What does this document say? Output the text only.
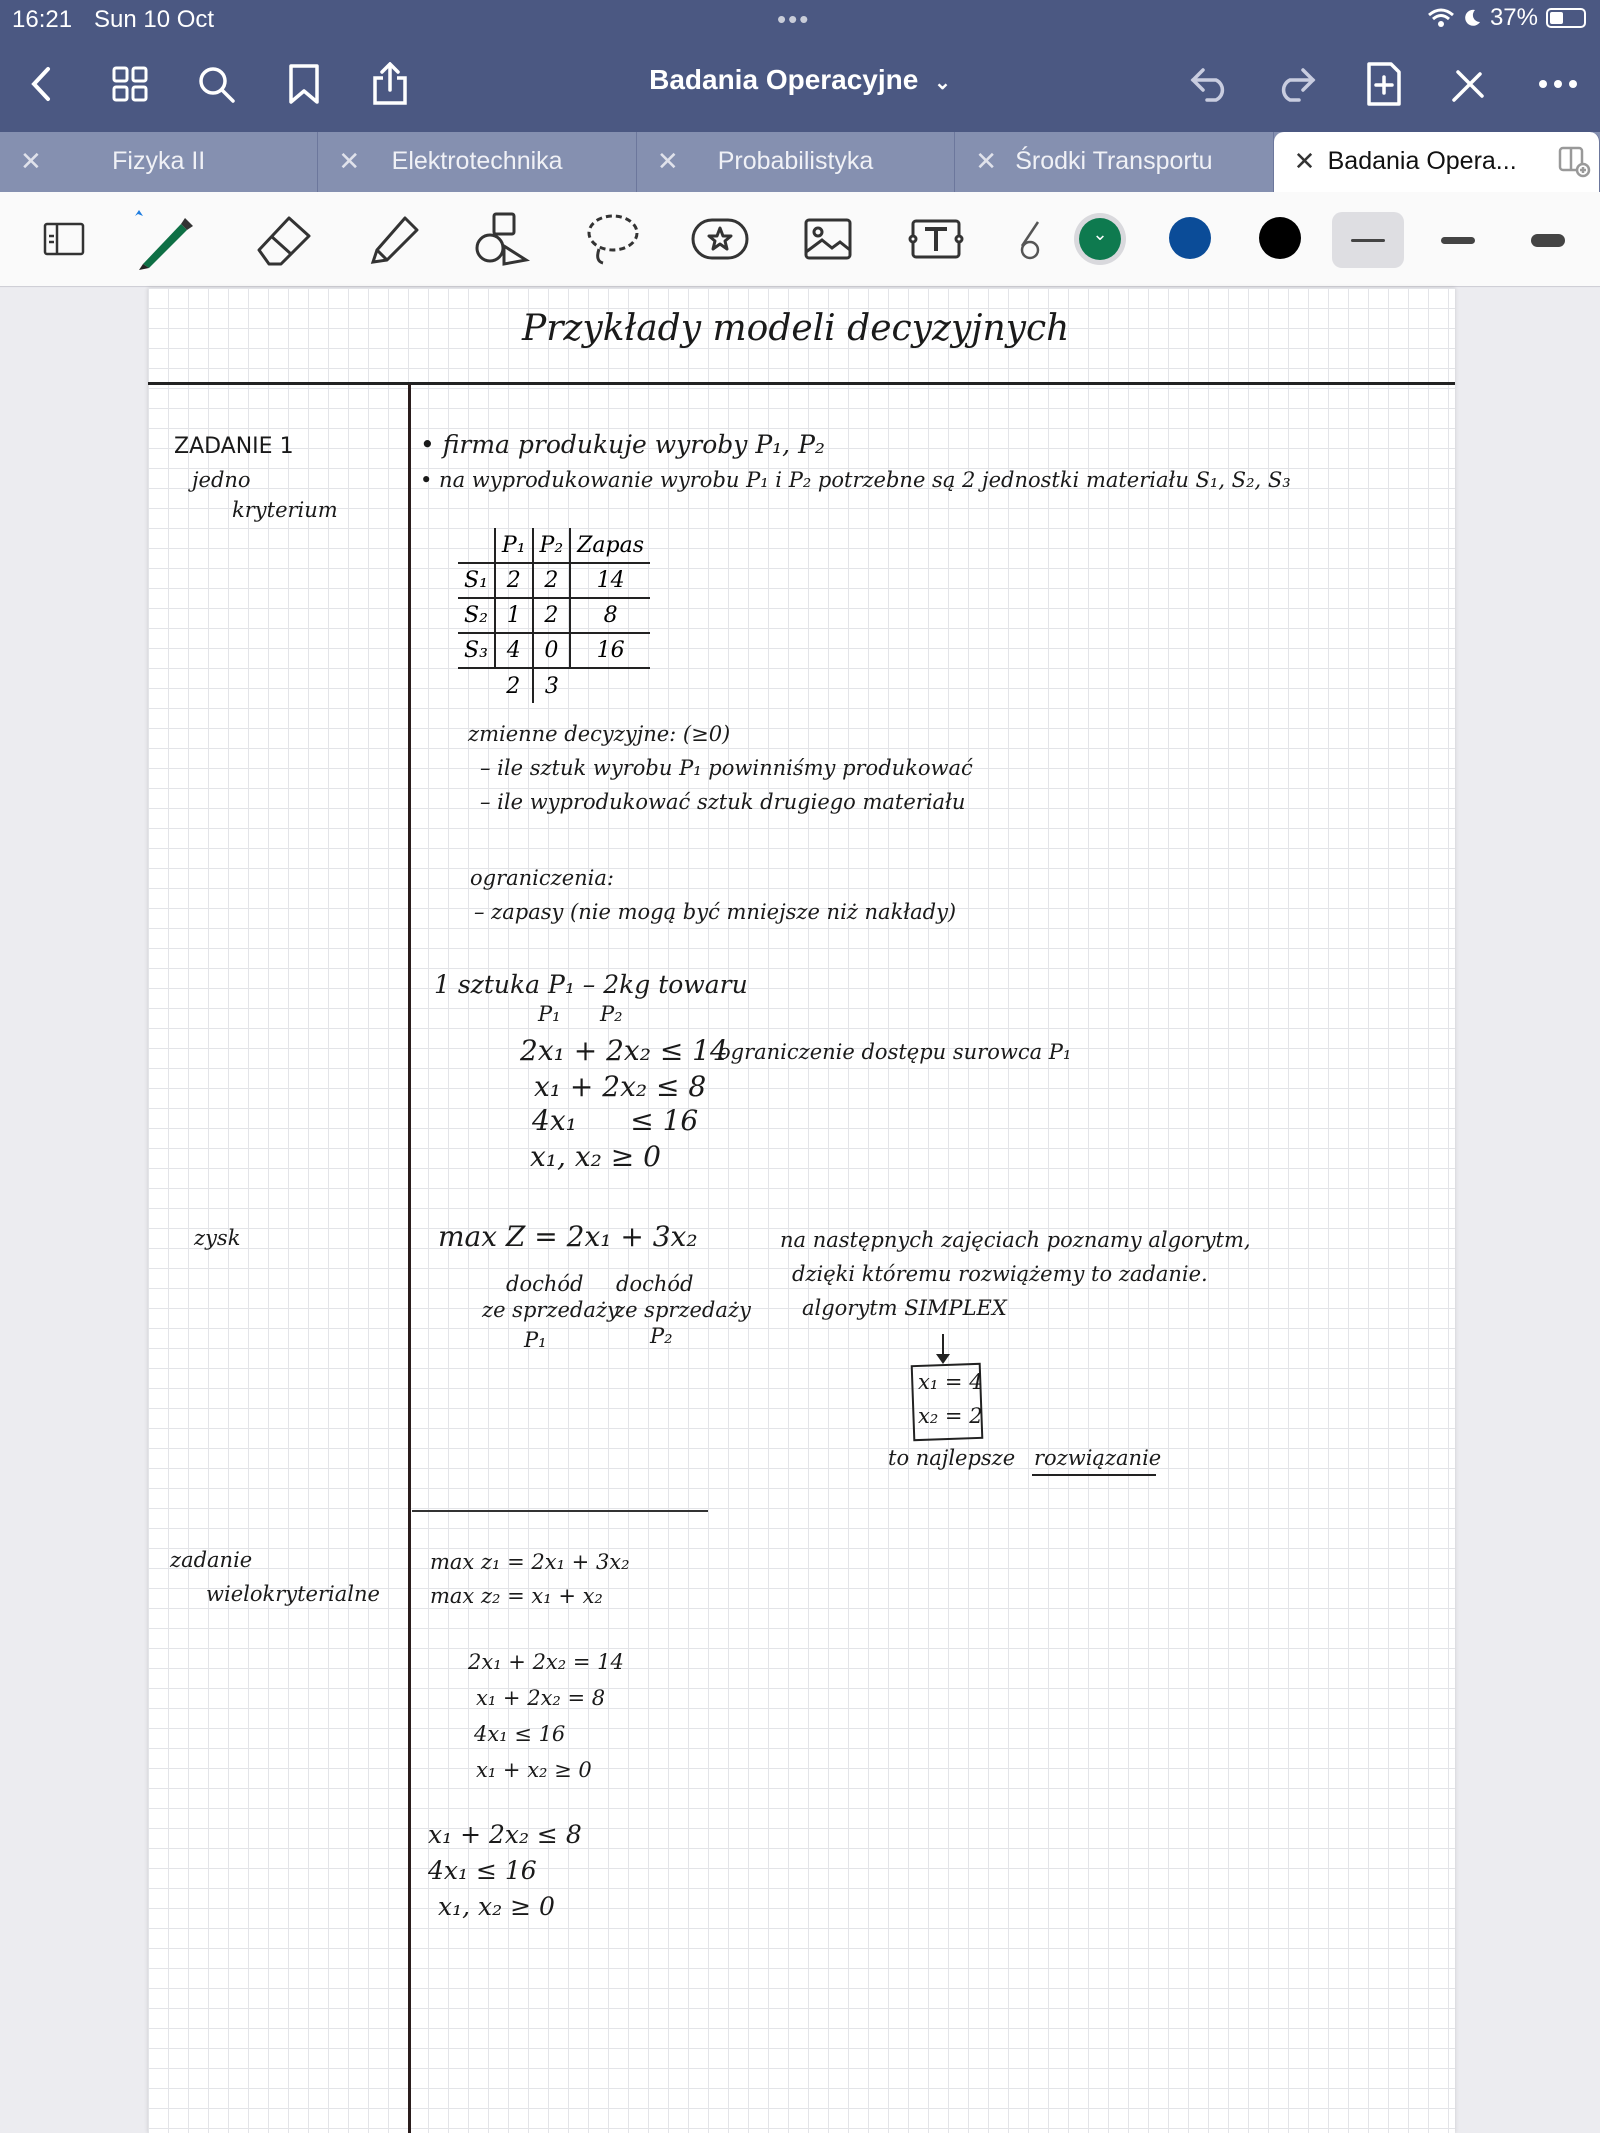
16:21 Sun 10 Oct	•••	37%
Badania Operacyjne ⌄
✕	Fizyka II	✕	Elektrotechnika	✕	Probabilistyka	✕ Środki Transportu	✕ Badania Opera...
⌄
Przykłady modeli decyzyjnych
ZADANIE 1
jedno
kryterium
zysk
zadanie
wielokryterialne
• firma produkuje wyroby P₁, P₂
• na wyprodukowanie wyrobu P₁ i P₂ potrzebne są 2 jednostki materiału S₁, S₂, S₃
	P₁	P₂	Zapas
S₁	2	2	14
S₂	1	2	8
S₃	4	0	16
	2	3	
zmienne decyzyjne: (≥0)
– ile sztuk wyrobu P₁ powinniśmy produkować
– ile wyprodukować sztuk drugiego materiału
ograniczenia:
– zapasy (nie mogą być mniejsze niż nakłady)
1 sztuka P₁ – 2kg towaru
P₁ P₂
2x₁ + 2x₂ ≤ 14
ograniczenie dostępu surowca P₁
x₁ + 2x₂ ≤ 8
4x₁      ≤ 16
x₁, x₂ ≥ 0
max Z = 2x₁ + 3x₂
dochód
ze sprzedaży
P₁
dochód
ze sprzedaży
P₂
na następnych zajęciach poznamy algorytm,
dzięki któremu rozwiążemy to zadanie.
algorytm SIMPLEX
x₁ = 4
x₂ = 2
to najlepsze rozwiązanie
max z₁ = 2x₁ + 3x₂
max z₂ = x₁ + x₂
2x₁ + 2x₂ = 14
x₁ + 2x₂ = 8
4x₁ ≤ 16
x₁ + x₂ ≥ 0
x₁ + 2x₂ ≤ 8
4x₁ ≤ 16
x₁, x₂ ≥ 0
